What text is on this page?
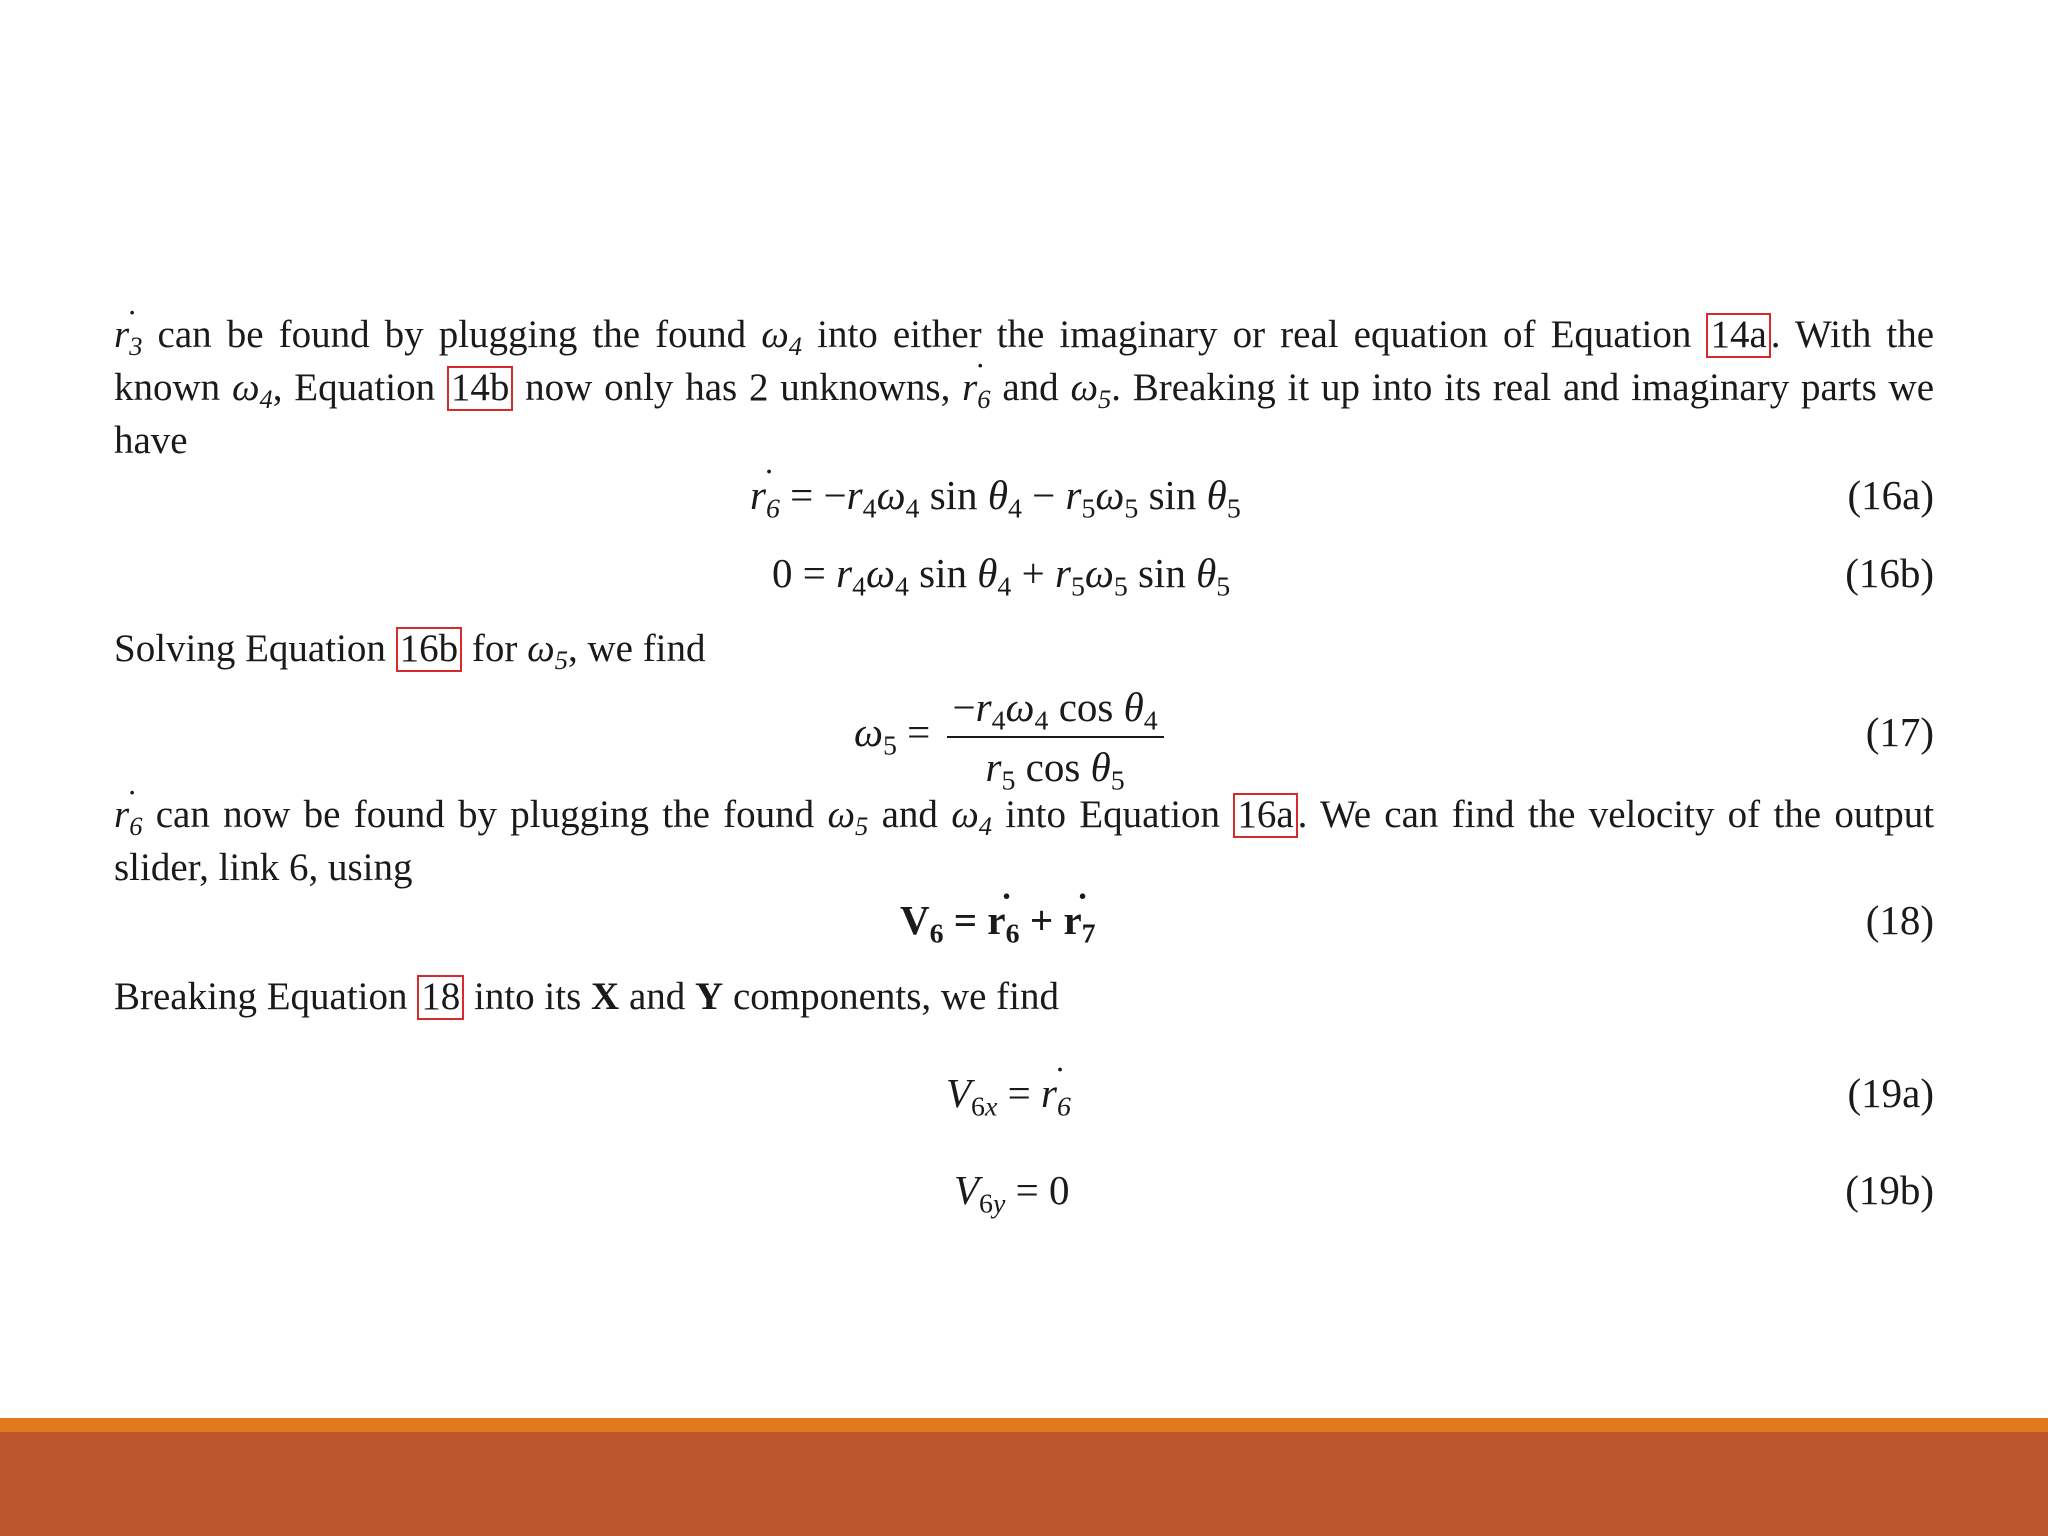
˙ $r_3$ can be found by plugging the found $\omega_4$ into either the imaginary or real equation of Equation 14a . With the known $\omega_4$, Equation 14b now only has 2 unknowns, ˙ $r_6$ and $\omega_5$. Breaking it up into its real and imaginary parts we have
˙ $r_6 = -r_4\omega_4$ $\sin \theta_4 - r_5\omega_5$ $\sin \theta_5$	(16a)
$0 = r_4\omega_4$ $\sin \theta_4 + r_5\omega_5$ $\sin \theta_5$	(16b)
Solving Equation 16b for $\omega_5$, we find
$\omega_5 = \frac{-r_4\omega_4 \cos \theta_4}{r_5 \cos \theta_5}$	(17)
˙ $r_6$ can now be found by plugging the found $\omega_5$ and $\omega_4$ into Equation 16a . We can find the velocity of the output slider, link 6, using
$V_6$ = ˙ $r_6$ + ˙ $r_7$	(18)
Breaking Equation 18 into its X and Y components, we find
$V_{6x}$ = ˙ $r_6$	(19a)
$V_{6y} = 0$	(19b)
